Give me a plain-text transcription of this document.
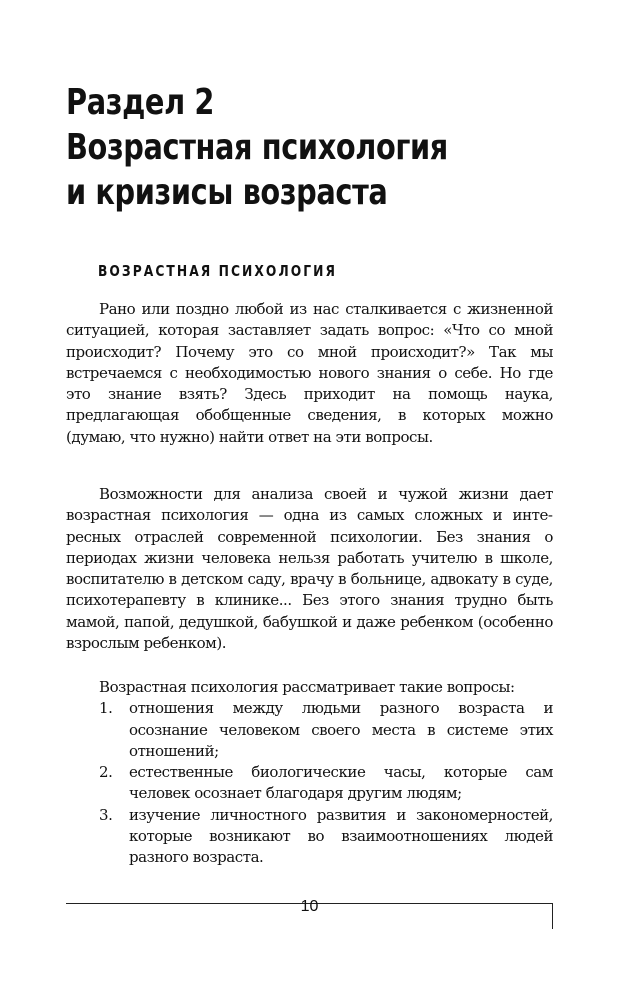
Раздел 2
Возрастная психология
и кризисы возраста
ВОЗРАСТНАЯ ПСИХОЛОГИЯ

Рано или поздно любой из нас сталкивается с жизненной ситуацией, которая заставляет задать вопрос: «Что со мной происходит? Почему это со мной происходит?» Так мы встречаемся с необходимостью нового знания о себе. Но где это знание взять? Здесь приходит на помощь наука, предлагающая обобщенные сведения, в которых можно (думаю, что нужно) найти ответ на эти вопросы.

Возможности для анализа своей и чужой жизни дает возрастная психология — одна из самых сложных и интересных отраслей современной психологии. Без знания о периодах жизни человека нельзя работать учителю в школе, воспитателю в детском саду, врачу в больнице, адвокату в суде, психотерапевту в клинике... Без этого знания трудно быть мамой, папой, дедушкой, бабушкой и даже ребенком (особенно взрослым ребенком).

Возрастная психология рассматривает такие вопросы:

1. отношения между людьми разного возраста и осознание человеком своего места в системе этих отношений;
2. естественные биологические часы, которые сам человек осознает благодаря другим людям;
3. изучение личностного развития и закономерностей, которые возникают во взаимоотношениях людей разного возраста.
10
